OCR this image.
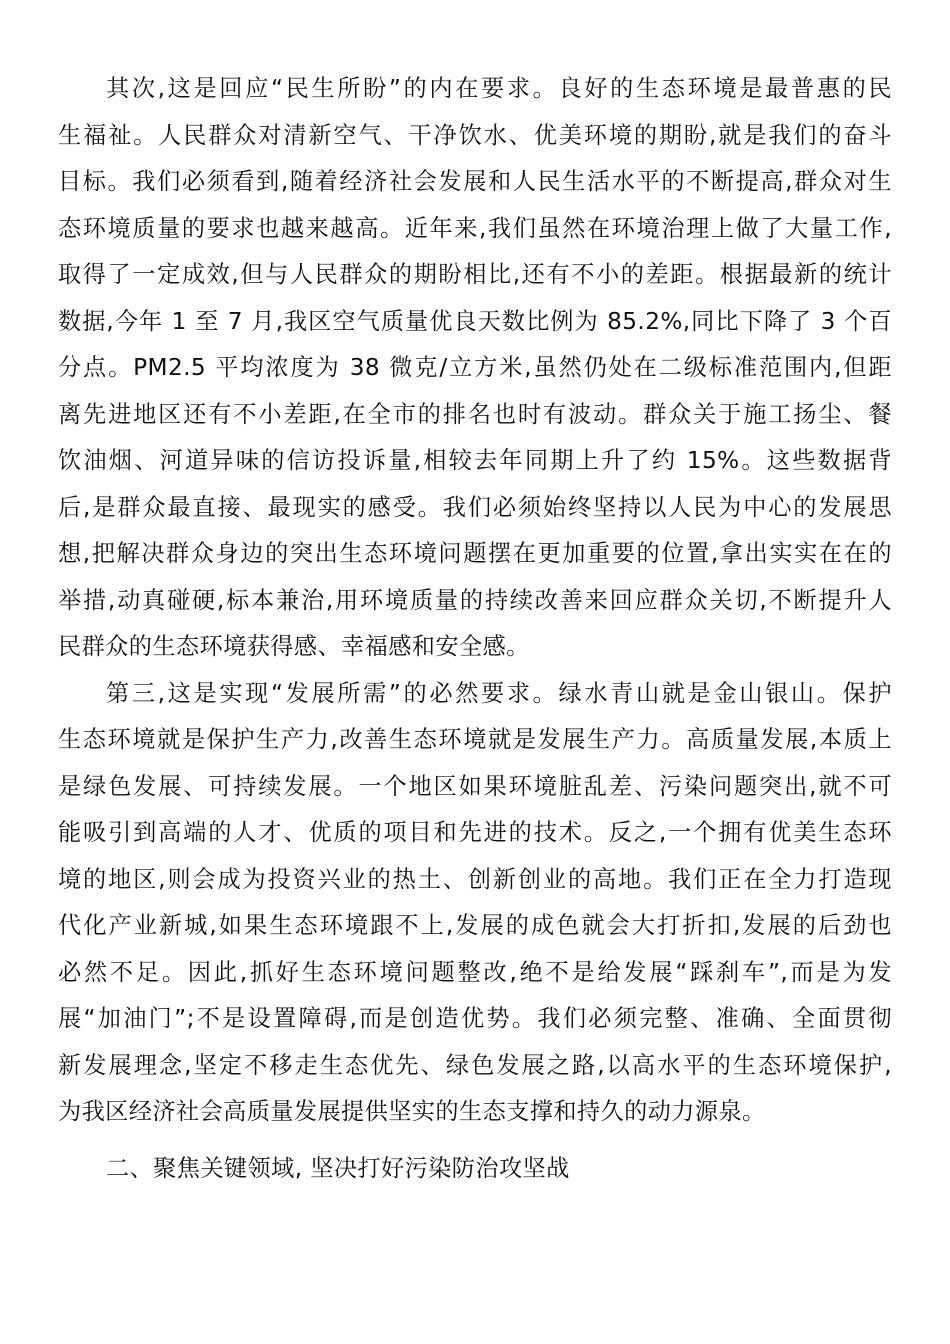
其次,这是回应“民生所盼”的内在要求。良好的生态环境是最普惠的民
生福祉。人民群众对清新空气、干净饮水、优美环境的期盼,就是我们的奋斗
目标。我们必须看到,随着经济社会发展和人民生活水平的不断提高,群众对生
态环境质量的要求也越来越高。近年来,我们虽然在环境治理上做了大量工作,
取得了一定成效,但与人民群众的期盼相比,还有不小的差距。根据最新的统计
数据,今年 1 至 7 月,我区空气质量优良天数比例为 85.2%,同比下降了 3 个百
分点。PM2.5 平均浓度为 38 微克/立方米,虽然仍处在二级标准范围内,但距
离先进地区还有不小差距,在全市的排名也时有波动。群众关于施工扬尘、餐
饮油烟、河道异味的信访投诉量,相较去年同期上升了约 15%。这些数据背
后,是群众最直接、最现实的感受。我们必须始终坚持以人民为中心的发展思
想,把解决群众身边的突出生态环境问题摆在更加重要的位置,拿出实实在在的
举措,动真碰硬,标本兼治,用环境质量的持续改善来回应群众关切,不断提升人
民群众的生态环境获得感、幸福感和安全感。
第三,这是实现“发展所需”的必然要求。绿水青山就是金山银山。保护
生态环境就是保护生产力,改善生态环境就是发展生产力。高质量发展,本质上
是绿色发展、可持续发展。一个地区如果环境脏乱差、污染问题突出,就不可
能吸引到高端的人才、优质的项目和先进的技术。反之,一个拥有优美生态环
境的地区,则会成为投资兴业的热土、创新创业的高地。我们正在全力打造现
代化产业新城,如果生态环境跟不上,发展的成色就会大打折扣,发展的后劲也
必然不足。因此,抓好生态环境问题整改,绝不是给发展“踩刹车”,而是为发
展“加油门”;不是设置障碍,而是创造优势。我们必须完整、准确、全面贯彻
新发展理念,坚定不移走生态优先、绿色发展之路,以高水平的生态环境保护,
为我区经济社会高质量发展提供坚实的生态支撑和持久的动力源泉。
二、聚焦关键领域, 坚决打好污染防治攻坚战
